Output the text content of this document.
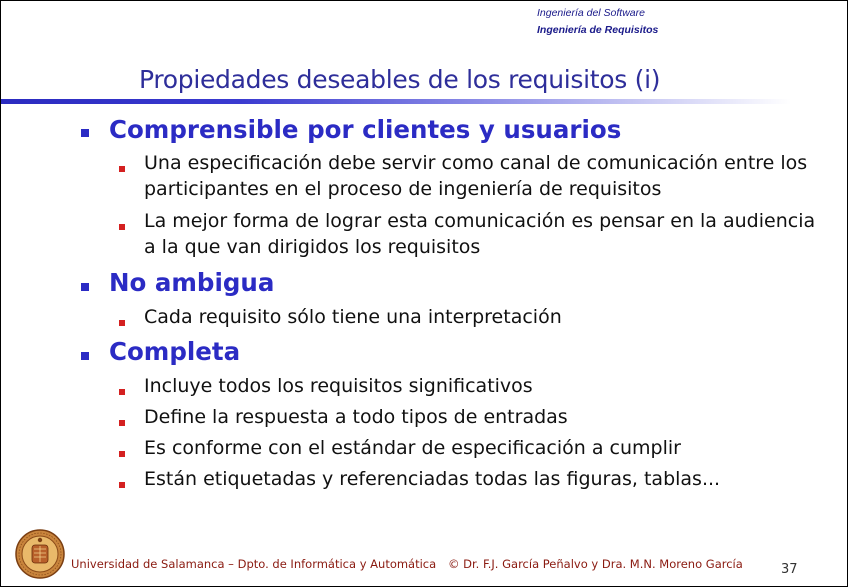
Ingeniería del Software
Ingeniería de Requisitos
Propiedades deseables de los requisitos (i)
Comprensible por clientes y usuarios
Una especificación debe servir como canal de comunicación entre los
participantes en el proceso de ingeniería de requisitos
La mejor forma de lograr esta comunicación es pensar en la audiencia
a la que van dirigidos los requisitos
No ambigua
Cada requisito sólo tiene una interpretación
Completa
Incluye todos los requisitos significativos
Define la respuesta a todo tipos de entradas
Es conforme con el estándar de especificación a cumplir
Están etiquetadas y referenciadas todas las figuras, tablas...
Universidad de Salamanca – Dpto. de Informática y Automática © Dr. F.J. García Peñalvo y Dra. M.N. Moreno García	37
